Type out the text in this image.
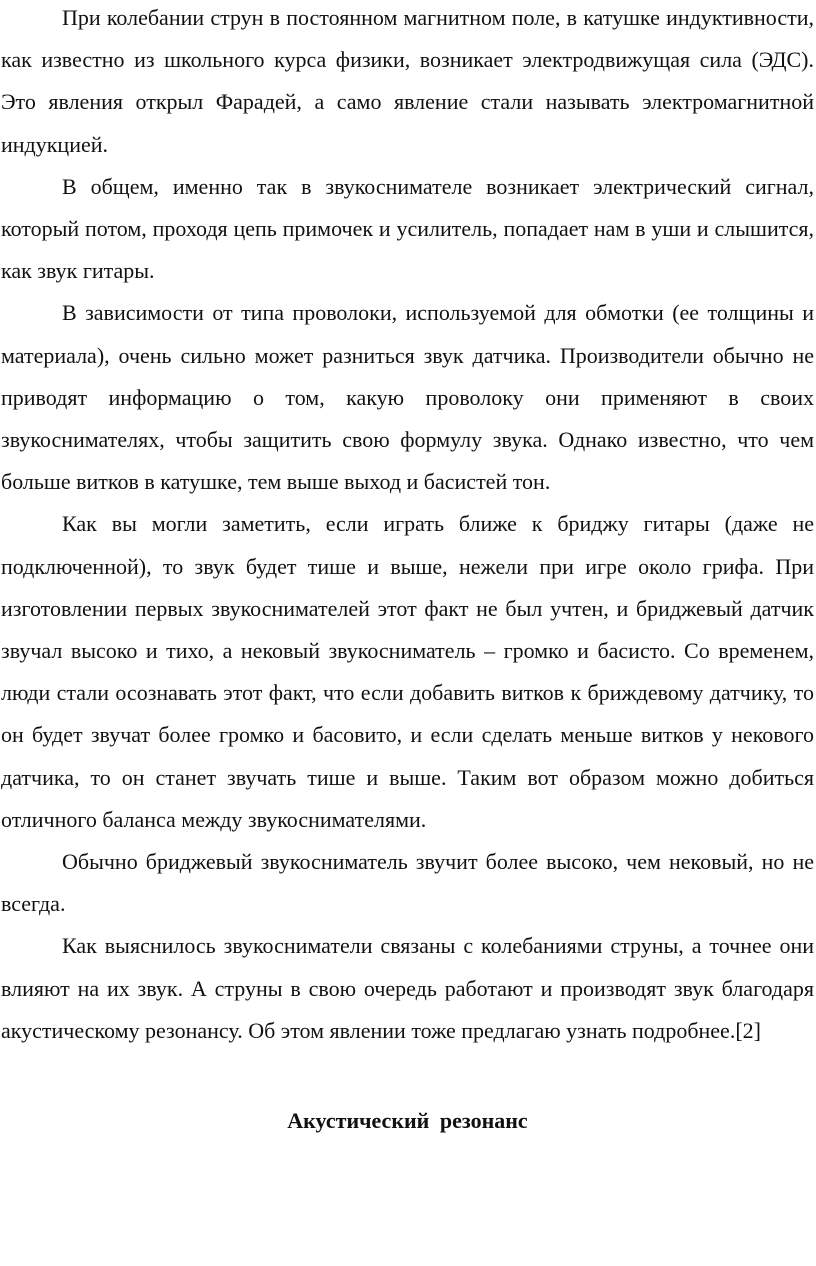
При колебании струн в постоянном магнитном поле, в катушке индуктивности, как известно из школьного курса физики, возникает электродвижущая сила (ЭДС). Это явления открыл Фарадей, а само явление стали называть электромагнитной индукцией.

В общем, именно так в звукоснимателе возникает электрический сигнал, который потом, проходя цепь примочек и усилитель, попадает нам в уши и слышится, как звук гитары.

В зависимости от типа проволоки, используемой для обмотки (ее толщины и материала), очень сильно может разниться звук датчика. Производители обычно не приводят информацию о том, какую проволоку они применяют в своих звукоснимателях, чтобы защитить свою формулу звука. Однако известно, что чем больше витков в катушке, тем выше выход и басистей тон.

Как вы могли заметить, если играть ближе к бриджу гитары (даже не подключенной), то звук будет тише и выше, нежели при игре около грифа. При изготовлении первых звукоснимателей этот факт не был учтен, и бриджевый датчик звучал высоко и тихо, а нековый звукосниматель – громко и басисто. Со временем, люди стали осознавать этот факт, что если добавить витков к бриждевому датчику, то он будет звучат более громко и басовито, и если сделать меньше витков у некового датчика, то он станет звучать тише и выше. Таким вот образом можно добиться отличного баланса между звукоснимателями.

Обычно бриджевый звукосниматель звучит более высоко, чем нековый, но не всегда.

Как выяснилось звукосниматели связаны с колебаниями струны, а точнее они влияют на их звук. А струны в свою очередь работают и производят звук благодаря акустическому резонансу. Об этом явлении тоже предлагаю узнать подробнее.[2]

Акустический резонанс
